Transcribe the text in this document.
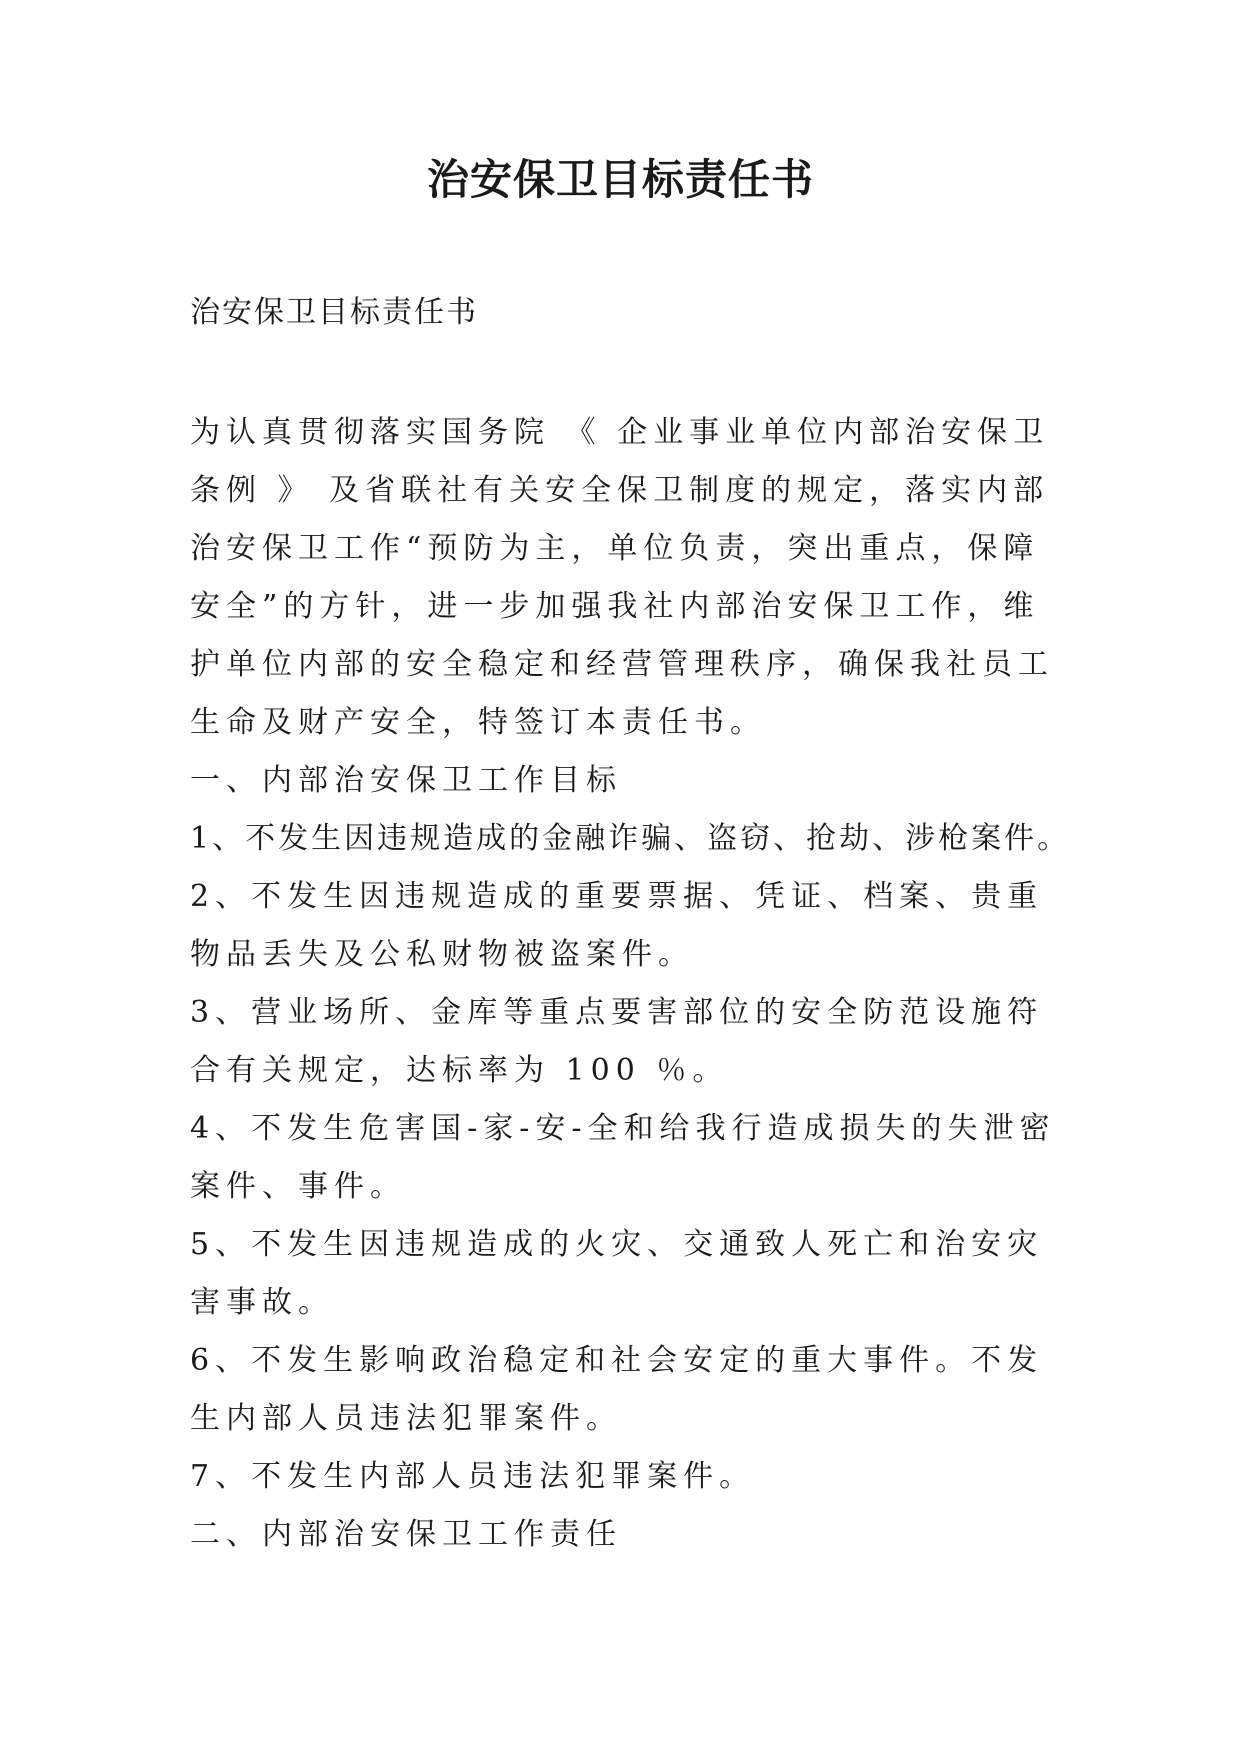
治安保卫目标责任书
治安保卫目标责任书

为认真贯彻落实国务院 《 企业事业单位内部治安保卫条例 》 及省联社有关安全保卫制度的规定，落实内部治安保卫工作“预防为主，单位负责，突出重点，保障安全”的方针，进一步加强我社内部治安保卫工作，维护单位内部的安全稳定和经营管理秩序，确保我社员工生命及财产安全，特签订本责任书。

一、内部治安保卫工作目标

1、不发生因违规造成的金融诈骗、盗窃、抢劫、涉枪案件。

2、不发生因违规造成的重要票据、凭证、档案、贵重物品丢失及公私财物被盗案件。

3、营业场所、金库等重点要害部位的安全防范设施符合有关规定，达标率为 100 ％。

4、不发生危害国-家-安-全和给我行造成损失的失泄密案件、事件。

5、不发生因违规造成的火灾、交通致人死亡和治安灾害事故。

6、不发生影响政治稳定和社会安定的重大事件。不发生内部人员违法犯罪案件。

7、不发生内部人员违法犯罪案件。

二、内部治安保卫工作责任
